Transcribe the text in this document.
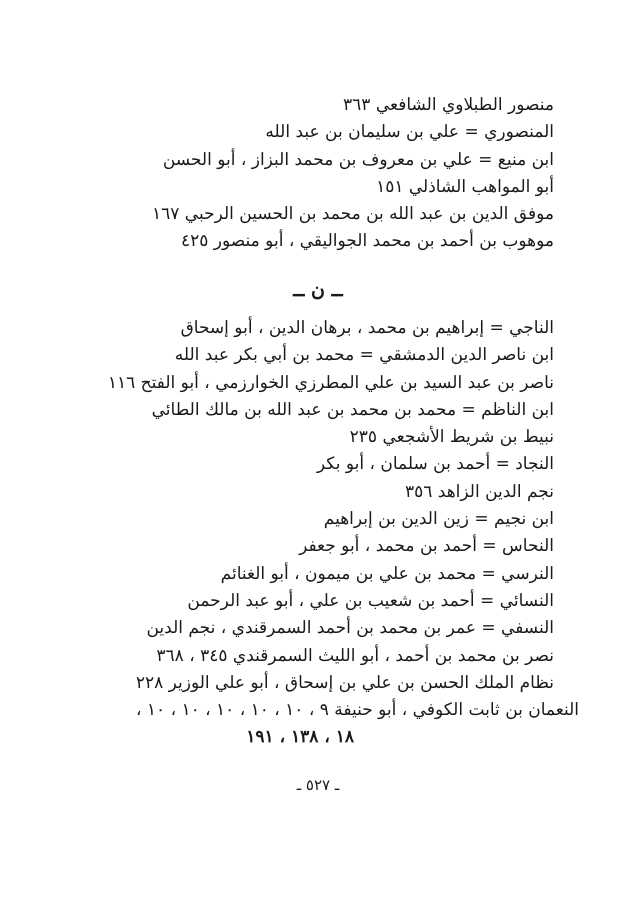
منصور الطبلاوي الشافعي ٣٦٣
المنصوري = علي بن سليمان بن عبد الله
ابن منيع = علي بن معروف بن محمد البزاز ، أبو الحسن
أبو المواهب الشاذلي ١٥١
موفق الدين بن عبد الله بن محمد بن الحسين الرحبي ١٦٧
موهوب بن أحمد بن محمد الجواليقي ، أبو منصور ٤٢٥
ــ ن ــ
الناجي = إبراهيم بن محمد ، برهان الدين ، أبو إسحاق
ابن ناصر الدين الدمشقي = محمد بن أبي بكر عبد الله
ناصر بن عبد السيد بن علي المطرزي الخوارزمي ، أبو الفتح ١١٦
ابن الناظم = محمد بن محمد بن عبد الله بن مالك الطائي
نبيط بن شريط الأشجعي ٢٣٥
النجاد = أحمد بن سلمان ، أبو بكر
نجم الدين الزاهد ٣٥٦
ابن نجيم = زين الدين بن إبراهيم
النحاس = أحمد بن محمد ، أبو جعفر
النرسي = محمد بن علي بن ميمون ، أبو الغنائم
النسائي = أحمد بن شعيب بن علي ، أبو عبد الرحمن
النسفي = عمر بن محمد بن أحمد السمرقندي ، نجم الدين
نصر بن محمد بن أحمد ، أبو الليث السمرقندي ٣٤٥ ، ٣٦٨
نظام الملك الحسن بن علي بن إسحاق ، أبو علي الوزير ٢٢٨
النعمان بن ثابت الكوفي ، أبو حنيفة ٩ ، ١٠ ، ١٠ ، ١٠ ، ١٠ ، ١٠ ،
١٨ ، ١٣٨ ، ١٩١
ـ ٥٢٧ ـ
